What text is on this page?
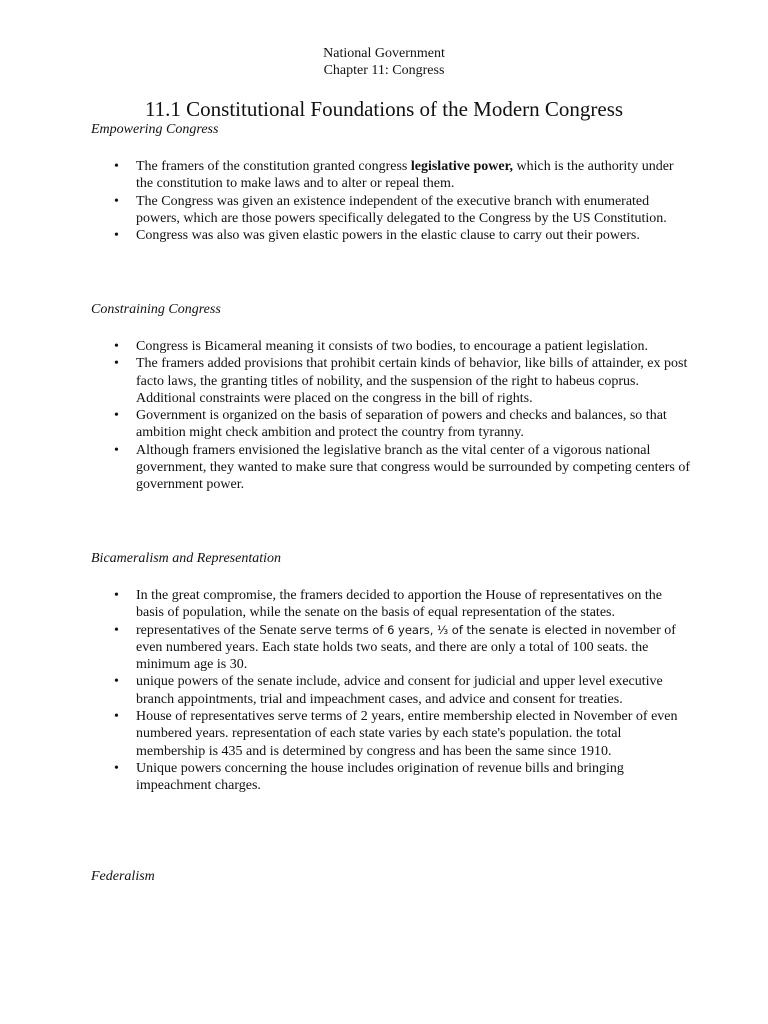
National Government
Chapter 11: Congress
11.1 Constitutional Foundations of the Modern Congress
Empowering Congress
•	The framers of the constitution granted congress legislative power, which is the authority under the constitution to make laws and to alter or repeal them.
•	The Congress was given an existence independent of the executive branch with enumerated powers, which are those powers specifically delegated to the Congress by the US Constitution.
•	Congress was also was given elastic powers in the elastic clause to carry out their powers.
Constraining Congress
•	Congress is Bicameral meaning it consists of two bodies, to encourage a patient legislation.
•	The framers added provisions that prohibit certain kinds of behavior, like bills of attainder, ex post facto laws, the granting titles of nobility, and the suspension of the right to habeus coprus. Additional constraints were placed on the congress in the bill of rights.
•	Government is organized on the basis of separation of powers and checks and balances, so that ambition might check ambition and protect the country from tyranny.
•	Although framers envisioned the legislative branch as the vital center of a vigorous national government, they wanted to make sure that congress would be surrounded by competing centers of government power.
Bicameralism and Representation
•	In the great compromise, the framers decided to apportion the House of representatives on the basis of population, while the senate on the basis of equal representation of the states.
•	representatives of the Senate serve terms of 6 years, ⅓ of the senate is elected in november of even numbered years. Each state holds two seats, and there are only a total of 100 seats. the minimum age is 30.
•	unique powers of the senate include, advice and consent for judicial and upper level executive branch appointments, trial and impeachment cases, and advice and consent for treaties.
•	House of representatives serve terms of 2 years, entire membership elected in November of even numbered years. representation of each state varies by each state's population. the total membership is 435 and is determined by congress and has been the same since 1910.
•	Unique powers concerning the house includes origination of revenue bills and bringing impeachment charges.
Federalism
